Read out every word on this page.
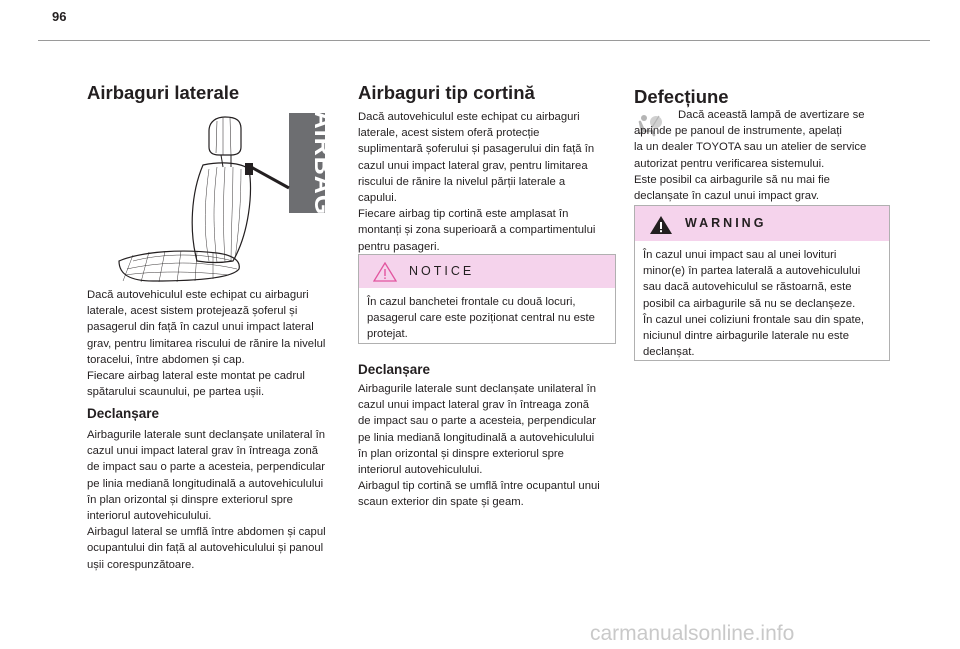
96
Airbaguri laterale
AIRBAG

Dacă autovehiculul este echipat cu airbaguri
laterale, acest sistem protejează șoferul și
pasagerul din față în cazul unui impact lateral
grav, pentru limitarea riscului de rănire la nivelul
toracelui, între abdomen și cap.
Fiecare airbag lateral este montat pe cadrul
spătarului scaunului, pe partea ușii.

Declanșare

Airbagurile laterale sunt declanșate unilateral în
cazul unui impact lateral grav în întreaga zonă
de impact sau o parte a acesteia, perpendicular
pe linia mediană longitudinală a autovehiculului
în plan orizontal și dinspre exteriorul spre
interiorul autovehiculului.
Airbagul lateral se umflă între abdomen și capul
ocupantului din față al autovehiculului și panoul
ușii corespunzătoare.

Airbaguri tip cortină

Dacă autovehiculul este echipat cu airbaguri
laterale, acest sistem oferă protecție
suplimentară șoferului și pasagerului din față în
cazul unui impact lateral grav, pentru limitarea
riscului de rănire la nivelul părții laterale a
capului.
Fiecare airbag tip cortină este amplasat în
montanți și zona superioară a compartimentului
pentru pasageri.

NOTICE

În cazul banchetei frontale cu două locuri,
pasagerul care este poziționat central nu este
protejat.

Declanșare

Airbagurile laterale sunt declanșate unilateral în
cazul unui impact lateral grav în întreaga zonă
de impact sau o parte a acesteia, perpendicular
pe linia mediană longitudinală a autovehiculului
în plan orizontal și dinspre exteriorul spre
interiorul autovehiculului.
Airbagul tip cortină se umflă între ocupantul unui
scaun exterior din spate și geam.

Defecțiune

Dacă această lampă de avertizare se
aprinde pe panoul de instrumente, apelați
la un dealer TOYOTA sau un atelier de service
autorizat pentru verificarea sistemului.
Este posibil ca airbagurile să nu mai fie
declanșate în cazul unui impact grav.

WARNING

În cazul unui impact sau al unei lovituri
minor(e) în partea laterală a autovehiculului
sau dacă autovehiculul se răstoarnă, este
posibil ca airbagurile să nu se declanșeze.
În cazul unei coliziuni frontale sau din spate,
niciunul dintre airbagurile laterale nu este
declanșat.

carmanualsonline.info
